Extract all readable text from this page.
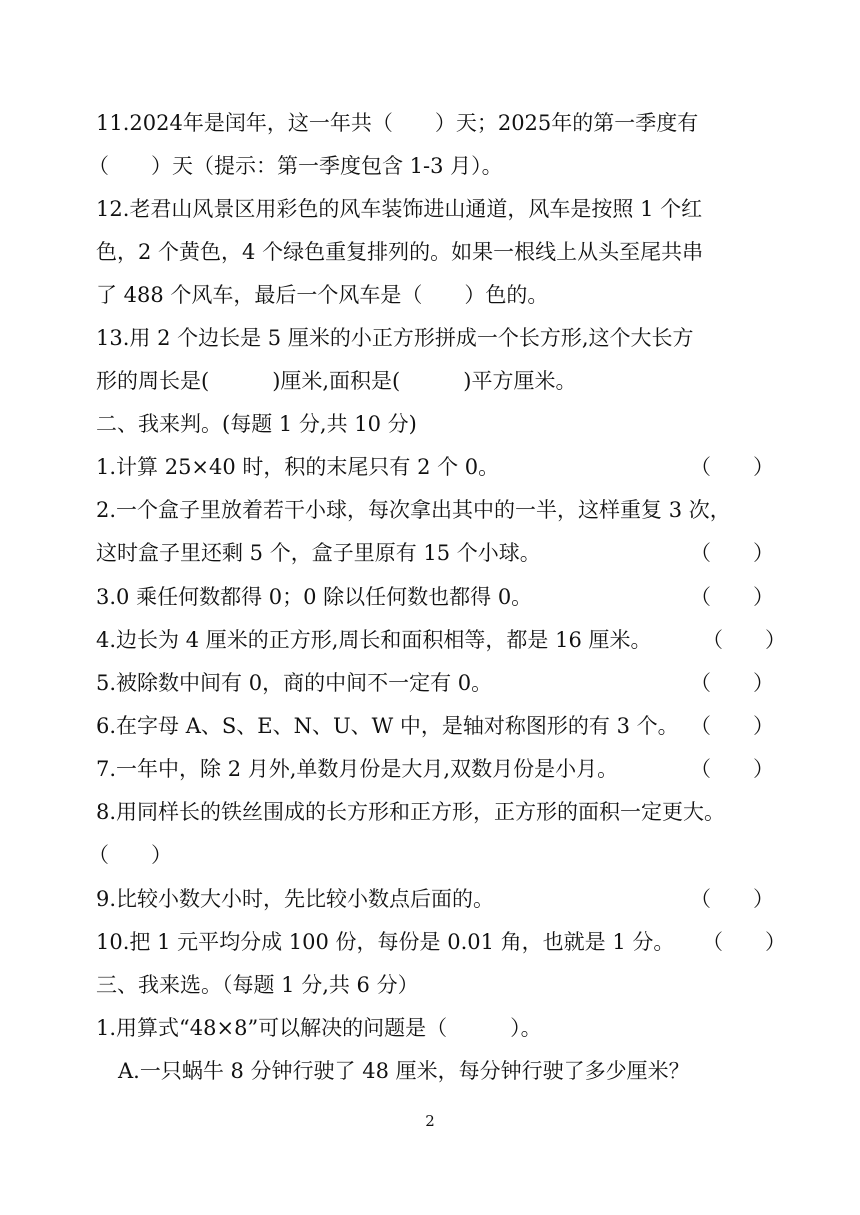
11.2024年是闰年，这一年共（　　）天；2025年的第一季度有
（　　）天（提示：第一季度包含 1-3 月）。
12.老君山风景区用彩色的风车装饰进山通道，风车是按照 1 个红
色，2 个黄色，4 个绿色重复排列的。如果一根线上从头至尾共串
了 488 个风车，最后一个风车是（　　）色的。
13.用 2 个边长是 5 厘米的小正方形拼成一个长方形,这个大长方
形的周长是(　　　)厘米,面积是(　　　)平方厘米。
二、我来判。(每题 1 分,共 10 分)
1.计算 25×40 时，积的末尾只有 2 个 0。	（　　）
2.一个盒子里放着若干小球，每次拿出其中的一半，这样重复 3 次，
这时盒子里还剩 5 个，盒子里原有 15 个小球。	（　　）
3.0 乘任何数都得 0；0 除以任何数也都得 0。	（　　）
4.边长为 4 厘米的正方形,周长和面积相等，都是 16 厘米。 （　　）
5.被除数中间有 0，商的中间不一定有 0。	（　　）
6.在字母 A、S、E、N、U、W 中，是轴对称图形的有 3 个。 （　　）
7.一年中，除 2 月外,单数月份是大月,双数月份是小月。	（　　）
8.用同样长的铁丝围成的长方形和正方形，正方形的面积一定更大。
（　　）
9.比较小数大小时，先比较小数点后面的。	（　　）
10.把 1 元平均分成 100 份，每份是 0.01 角，也就是 1 分。 （　　）
三、我来选。（每题 1 分,共 6 分）
1.用算式“48×8”可以解决的问题是（　　　）。
A.一只蜗牛 8 分钟行驶了 48 厘米，每分钟行驶了多少厘米？
2
